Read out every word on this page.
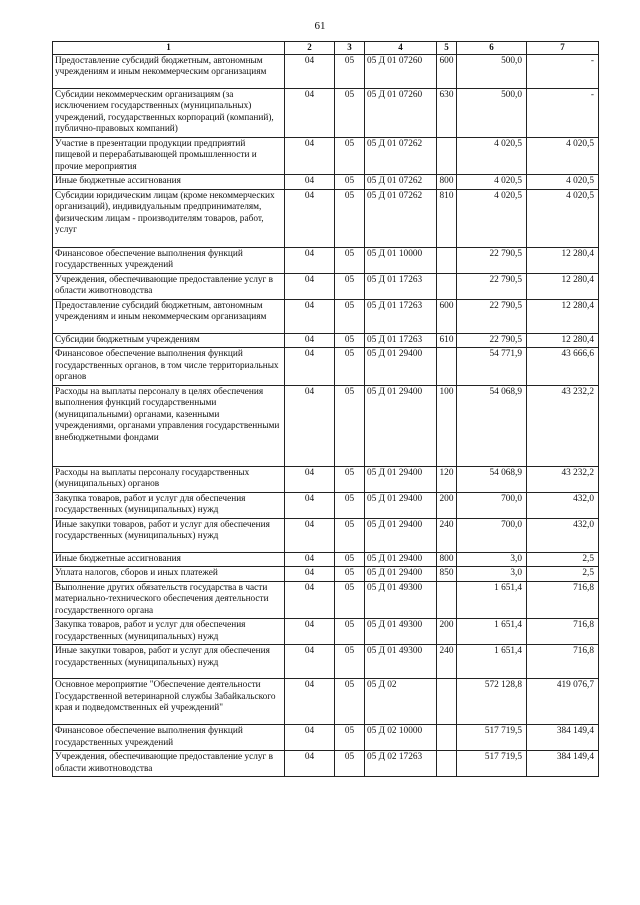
61
1	2	3	4	5	6	7
Предоставление субсидий бюджетным, автономным учреждениям и иным некоммерческим организациям	04	05	05 Д 01 07260	600	500,0	-
Субсидии некоммерческим организациям (за исключением государственных (муниципальных) учреждений, государственных корпораций (компаний), публично-правовых компаний)	04	05	05 Д 01 07260	630	500,0	-
Участие в презентации продукции предприятий пищевой и перерабатывающей промышленности и прочие мероприятия	04	05	05 Д 01 07262		4 020,5	4 020,5
Иные бюджетные ассигнования	04	05	05 Д 01 07262	800	4 020,5	4 020,5
Субсидии юридическим лицам (кроме некоммерческих организаций), индивидуальным предпринимателям, физическим лицам - производителям товаров, работ, услуг	04	05	05 Д 01 07262	810	4 020,5	4 020,5
Финансовое обеспечение выполнения функций государственных учреждений	04	05	05 Д 01 10000		22 790,5	12 280,4
Учреждения, обеспечивающие предоставление услуг в области животноводства	04	05	05 Д 01 17263		22 790,5	12 280,4
Предоставление субсидий бюджетным, автономным учреждениям и иным некоммерческим организациям	04	05	05 Д 01 17263	600	22 790,5	12 280,4
Субсидии бюджетным учреждениям	04	05	05 Д 01 17263	610	22 790,5	12 280,4
Финансовое обеспечение выполнения функций государственных органов, в том числе территориальных органов	04	05	05 Д 01 29400		54 771,9	43 666,6
Расходы на выплаты персоналу в целях обеспечения выполнения функций государственными (муниципальными) органами, казенными учреждениями, органами управления государственными внебюджетными фондами	04	05	05 Д 01 29400	100	54 068,9	43 232,2
Расходы на выплаты персоналу государственных (муниципальных) органов	04	05	05 Д 01 29400	120	54 068,9	43 232,2
Закупка товаров, работ и услуг для обеспечения государственных (муниципальных) нужд	04	05	05 Д 01 29400	200	700,0	432,0
Иные закупки товаров, работ и услуг для обеспечения государственных (муниципальных) нужд	04	05	05 Д 01 29400	240	700,0	432,0
Иные бюджетные ассигнования	04	05	05 Д 01 29400	800	3,0	2,5
Уплата налогов, сборов и иных платежей	04	05	05 Д 01 29400	850	3,0	2,5
Выполнение других обязательств государства в части материально-технического обеспечения деятельности государственного органа	04	05	05 Д 01 49300		1 651,4	716,8
Закупка товаров, работ и услуг для обеспечения государственных (муниципальных) нужд	04	05	05 Д 01 49300	200	1 651,4	716,8
Иные закупки товаров, работ и услуг для обеспечения государственных (муниципальных) нужд	04	05	05 Д 01 49300	240	1 651,4	716,8
Основное мероприятие "Обеспечение деятельности Государственной ветеринарной службы Забайкальского края и подведомственных ей учреждений"	04	05	05 Д 02		572 128,8	419 076,7
Финансовое обеспечение выполнения функций государственных учреждений	04	05	05 Д 02 10000		517 719,5	384 149,4
Учреждения, обеспечивающие предоставление услуг в области животноводства	04	05	05 Д 02 17263		517 719,5	384 149,4
